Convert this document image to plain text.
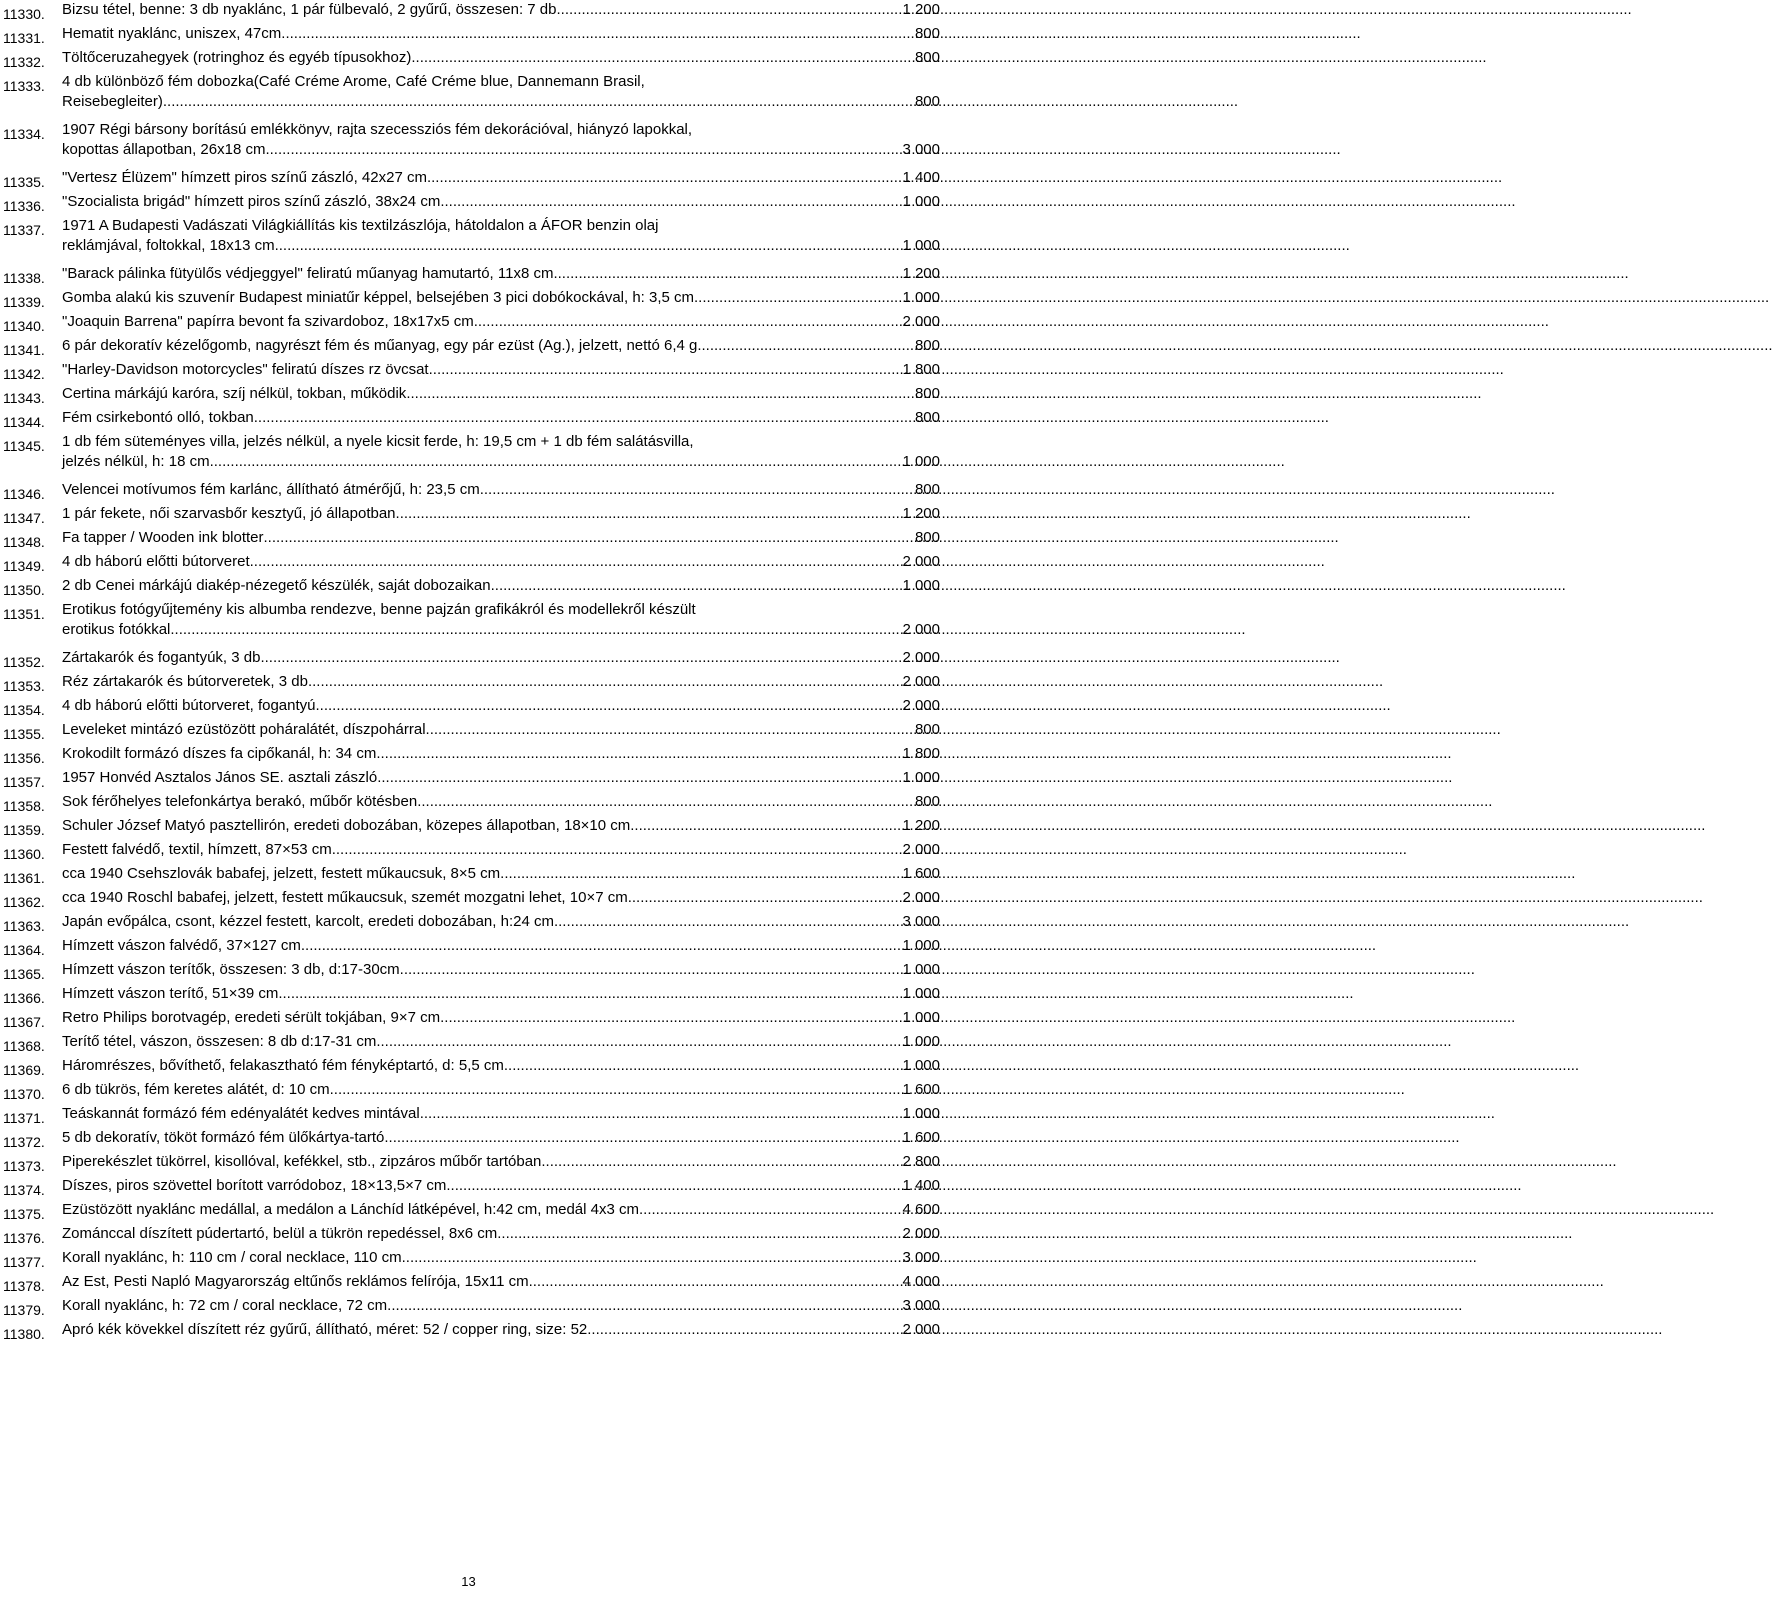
11330. Bizsu tétel, benne: 3 db nyaklánc, 1 pár fülbevaló, 2 gyűrű, összesen: 7 db .....	1 200
11331. Hematit nyaklánc, uniszex, 47cm. .....	800
11332. Töltőceruzahegyek (rotringhoz és egyéb típusokhoz) .....	800
11333. 4 db különböző fém dobozka(Café Créme Arome, Café Créme blue, Dannemann Brasil,
Reisebegleiter) .....	800
11334. 1907 Régi bársony borítású emlékkönyv, rajta szecessziós fém dekorációval, hiányzó lapokkal,
kopottas állapotban, 26x18 cm .....	3 000
11335. "Vertesz Élüzem" hímzett piros színű zászló, 42x27 cm .....	1 400
11336. "Szocialista brigád" hímzett piros színű zászló, 38x24 cm .....	1 000
11337. 1971 A Budapesti Vadászati Világkiállítás kis textilzászlója, hátoldalon a ÁFOR benzin olaj
reklámjával, foltokkal, 18x13 cm .....	1 000
11338. "Barack pálinka fütyülős védjeggyel" feliratú műanyag hamutartó, 11x8 cm .....	1 200
11339. Gomba alakú kis szuvenír Budapest miniatűr képpel, belsejében 3 pici dobókockával, h: 3,5 cm .....	1 000
11340. "Joaquin Barrena" papírra bevont fa szivardoboz, 18x17x5 cm .....	2 000
11341. 6 pár dekoratív kézelőgomb, nagyrészt fém és műanyag, egy pár ezüst (Ag.), jelzett, nettó 6,4 g .....	800
11342. "Harley-Davidson motorcycles" feliratú díszes rz övcsat .....	1 800
11343. Certina márkájú karóra, szíj nélkül, tokban, működik .....	800
11344. Fém csirkebontó olló, tokban .....	800
11345. 1 db fém süteményes villa, jelzés nélkül, a nyele kicsit ferde, h: 19,5 cm + 1 db fém salátásvilla,
jelzés nélkül, h: 18 cm .....	1 000
11346. Velencei motívumos fém karlánc, állítható átmérőjű, h: 23,5 cm .....	800
11347. 1 pár fekete, női szarvasbőr kesztyű, jó állapotban .....	1 200
11348. Fa tapper / Wooden ink blotter .....	800
11349. 4 db háború előtti bútorveret .....	2 000
11350. 2 db Cenei márkájú diakép-nézegető készülék, saját dobozaikan .....	1 000
11351. Erotikus fotógyűjtemény kis albumba rendezve, benne pajzán grafikákról és modellekről készült
erotikus fotókkal .....	2 000
11352. Zártakarók és fogantyúk, 3 db. .....	2 000
11353. Réz zártakarók és bútorveretek, 3 db .....	2 000
11354. 4 db háború előtti bútorveret, fogantyú .....	2 000
11355. Leveleket mintázó ezüstözött poháralátét, díszpohárral .....	800
11356. Krokodilt formázó díszes fa cipőkanál, h: 34 cm .....	1 800
11357. 1957 Honvéd Asztalos János SE. asztali zászló .....	1 000
11358. Sok férőhelyes telefonkártya berakó, műbőr kötésben .....	800
11359. Schuler József Matyó pasztellirón, eredeti dobozában, közepes állapotban, 18×10 cm .....	1 200
11360. Festett falvédő, textil, hímzett, 87×53 cm .....	2 000
11361. cca 1940 Csehszlovák babafej, jelzett, festett műkaucsuk, 8×5 cm .....	1 600
11362. cca 1940 Roschl babafej, jelzett, festett műkaucsuk, szemét mozgatni lehet, 10×7 cm .....	2 000
11363. Japán evőpálca, csont, kézzel festett, karcolt, eredeti dobozában, h:24 cm .....	3 000
11364. Hímzett vászon falvédő, 37×127 cm .....	1 000
11365. Hímzett vászon terítők, összesen: 3 db, d:17-30cm .....	1 000
11366. Hímzett vászon terítő, 51×39 cm .....	1 000
11367. Retro Philips borotvagép, eredeti sérült tokjában, 9×7 cm .....	1 000
11368. Terítő tétel, vászon, összesen: 8 db d:17-31 cm .....	1 000
11369. Háromrészes, bővíthető, felakasztható fém fényképtartó, d: 5,5 cm .....	1 000
11370. 6 db tükrös, fém keretes alátét, d: 10 cm .....	1 600
11371. Teáskannát formázó fém edényalátét kedves mintával .....	1 000
11372. 5 db dekoratív, tököt formázó fém ülőkártya-tartó .....	1 600
11373. Piperekészlet tükörrel, kisollóval, kefékkel, stb., zipzáros műbőr tartóban .....	2 800
11374. Díszes, piros szövettel borított varródoboz, 18×13,5×7 cm .....	1 400
11375. Ezüstözött nyaklánc medállal, a medálon a Lánchíd látképével, h:42 cm, medál 4x3 cm .....	4 600
11376. Zománccal díszített púdertartó, belül a tükrön repedéssel, 8x6 cm .....	2 000
11377. Korall nyaklánc, h: 110 cm / coral necklace, 110 cm .....	3 000
11378. Az Est, Pesti Napló Magyarország eltűnős reklámos felírója, 15x11 cm .....	4 000
11379. Korall nyaklánc, h: 72 cm / coral necklace, 72 cm .....	3 000
11380. Apró kék kövekkel díszített réz gyűrű, állítható, méret: 52 / copper ring, size: 52 .....	2 000
13
